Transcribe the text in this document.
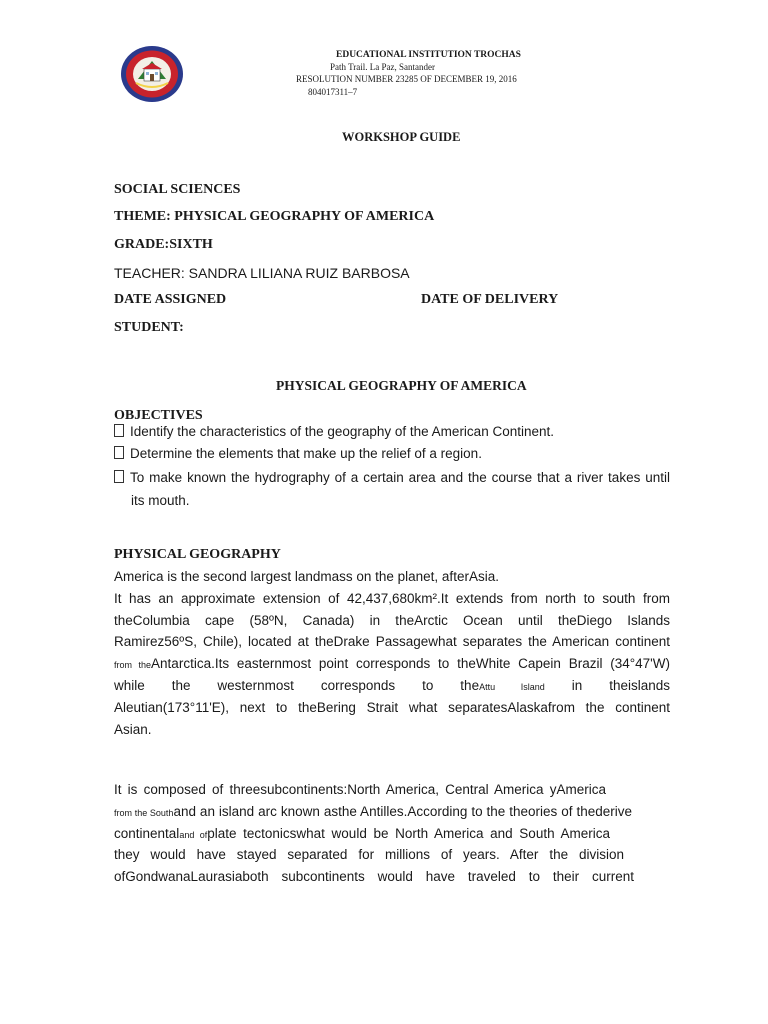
EDUCATIONAL INSTITUTION TROCHAS
Path Trail. La Paz, Santander
RESOLUTION NUMBER 23285 OF DECEMBER 19, 2016
804017311–7
WORKSHOP GUIDE
SOCIAL SCIENCES
THEME: PHYSICAL GEOGRAPHY OF AMERICA
GRADE:SIXTH
TEACHER: SANDRA LILIANA RUIZ BARBOSA
DATE ASSIGNED	DATE OF DELIVERY
STUDENT:
PHYSICAL GEOGRAPHY OF AMERICA
OBJECTIVES
Identify the characteristics of the geography of the American Continent.
Determine the elements that make up the relief of a region.
To make known the hydrography of a certain area and the course that a river takes until
its mouth.
PHYSICAL GEOGRAPHY
America is the second largest landmass on the planet, afterAsia.
It has an approximate extension of 42,437,680km².It extends from north to south from
theColumbia cape (58ºN, Canada) in theArctic Ocean until theDiego Islands
Ramirez56ºS, Chile), located at theDrake Passagewhat separates the American continent
from theAntarctica.Its easternmost point corresponds to theWhite Capein Brazil (34°47'W)
while the westernmost corresponds to theAttu Island in theislands
Aleutian(173°11'E), next to theBering Strait what separatesAlaskafrom the continent
Asian.
It is composed of threesubcontinents:North America, Central America yAmerica
from the Southand an island arc known asthe Antilles.According to the theories of thederive
continentaland ofplate tectonicswhat would be North America and South America
they would have stayed separated for millions of years. After the division
ofGondwanaLaurasiaboth subcontinents would have traveled to their current
